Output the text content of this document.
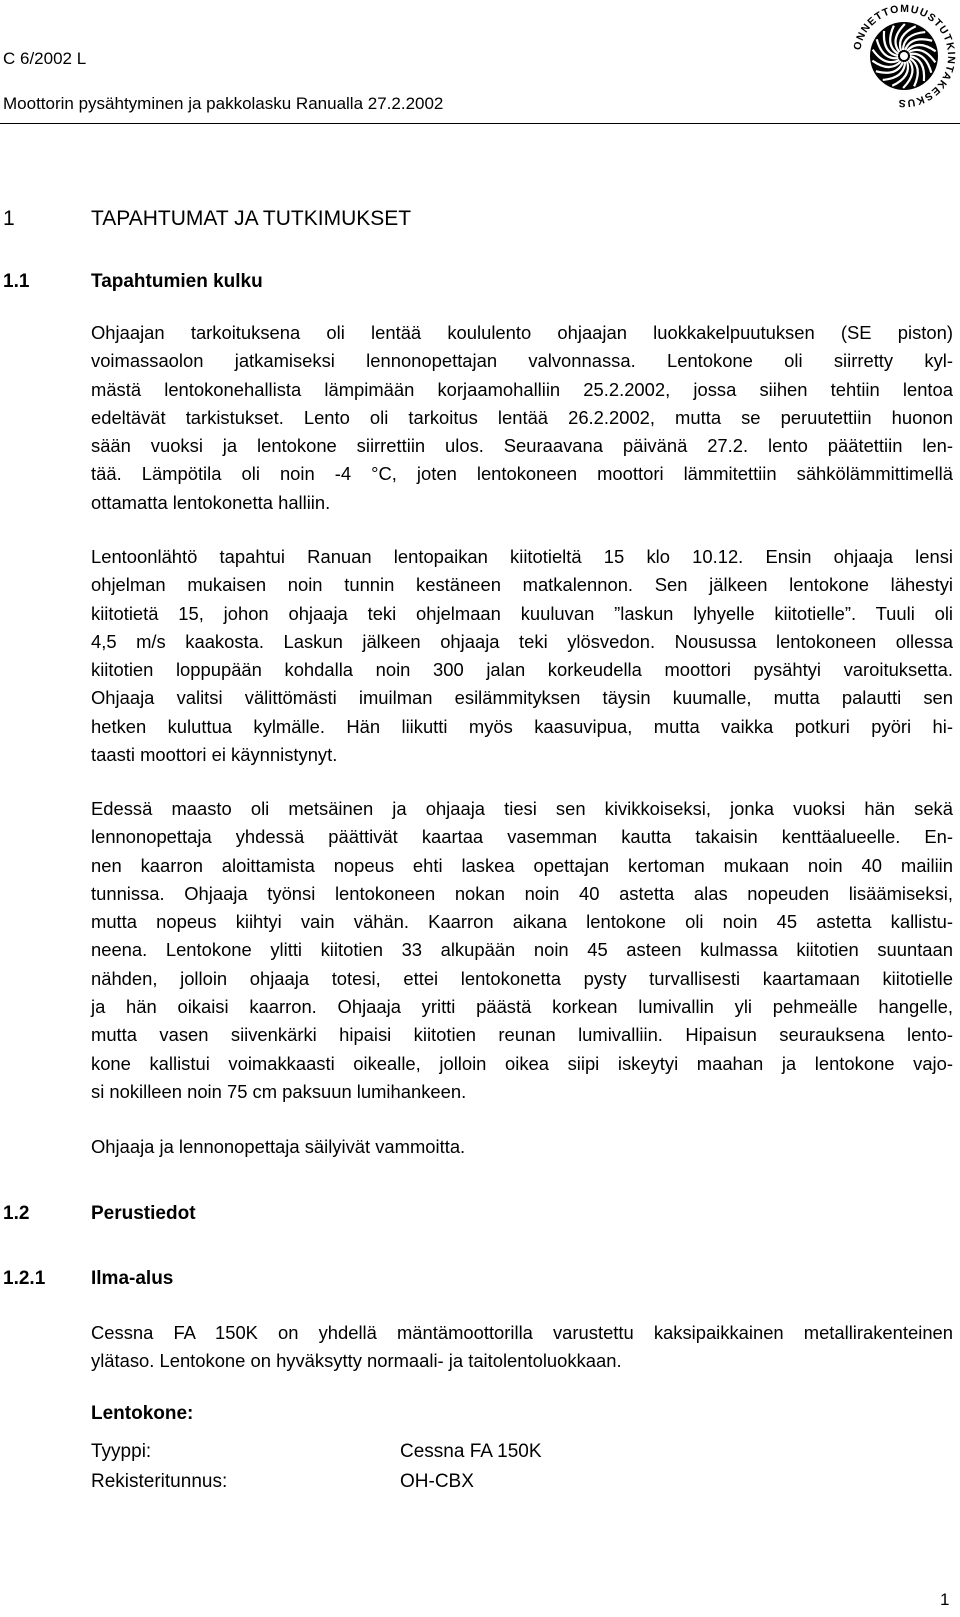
C 6/2002 L
Moottorin pysähtyminen ja pakkolasku Ranualla 27.2.2002
ONNETTOMUUSTUTKINTAKESKUS
1	TAPAHTUMAT JA TUTKIMUKSET
1.1	Tapahtumien kulku
Ohjaajan tarkoituksena oli lentää koululento ohjaajan luokkakelpuutuksen (SE piston)
voimassaolon jatkamiseksi lennonopettajan valvonnassa. Lentokone oli siirretty kyl-
mästä lentokonehallista lämpimään korjaamohalliin 25.2.2002, jossa siihen tehtiin lentoa
edeltävät tarkistukset. Lento oli tarkoitus lentää 26.2.2002, mutta se peruutettiin huonon
sään vuoksi ja lentokone siirrettiin ulos. Seuraavana päivänä 27.2. lento päätettiin len-
tää. Lämpötila oli noin -4 °C, joten lentokoneen moottori lämmitettiin sähkölämmittimellä
ottamatta lentokonetta halliin.
Lentoonlähtö tapahtui Ranuan lentopaikan kiitotieltä 15 klo 10.12. Ensin ohjaaja lensi
ohjelman mukaisen noin tunnin kestäneen matkalennon. Sen jälkeen lentokone lähestyi
kiitotietä 15, johon ohjaaja teki ohjelmaan kuuluvan ”laskun lyhyelle kiitotielle”. Tuuli oli
4,5 m/s kaakosta. Laskun jälkeen ohjaaja teki ylösvedon. Nousussa lentokoneen ollessa
kiitotien loppupään kohdalla noin 300 jalan korkeudella moottori pysähtyi varoituksetta.
Ohjaaja valitsi välittömästi imuilman esilämmityksen täysin kuumalle, mutta palautti sen
hetken kuluttua kylmälle. Hän liikutti myös kaasuvipua, mutta vaikka potkuri pyöri hi-
taasti moottori ei käynnistynyt.
Edessä maasto oli metsäinen ja ohjaaja tiesi sen kivikkoiseksi, jonka vuoksi hän sekä
lennonopettaja yhdessä päättivät kaartaa vasemman kautta takaisin kenttäalueelle. En-
nen kaarron aloittamista nopeus ehti laskea opettajan kertoman mukaan noin 40 mailiin
tunnissa. Ohjaaja työnsi lentokoneen nokan noin 40 astetta alas nopeuden lisäämiseksi,
mutta nopeus kiihtyi vain vähän. Kaarron aikana lentokone oli noin 45 astetta kallistu-
neena. Lentokone ylitti kiitotien 33 alkupään noin 45 asteen kulmassa kiitotien suuntaan
nähden, jolloin ohjaaja totesi, ettei lentokonetta pysty turvallisesti kaartamaan kiitotielle
ja hän oikaisi kaarron. Ohjaaja yritti päästä korkean lumivallin yli pehmeälle hangelle,
mutta vasen siivenkärki hipaisi kiitotien reunan lumivalliin. Hipaisun seurauksena lento-
kone kallistui voimakkaasti oikealle, jolloin oikea siipi iskeytyi maahan ja lentokone vajo-
si nokilleen noin 75 cm paksuun lumihankeen.
Ohjaaja ja lennonopettaja säilyivät vammoitta.
1.2	Perustiedot
1.2.1 Ilma-alus
Cessna FA 150K on yhdellä mäntämoottorilla varustettu kaksipaikkainen metallirakenteinen
ylätaso. Lentokone on hyväksytty normaali- ja taitolentoluokkaan.
Lentokone:
Tyyppi:	Cessna FA 150K
Rekisteritunnus:	OH-CBX
1
